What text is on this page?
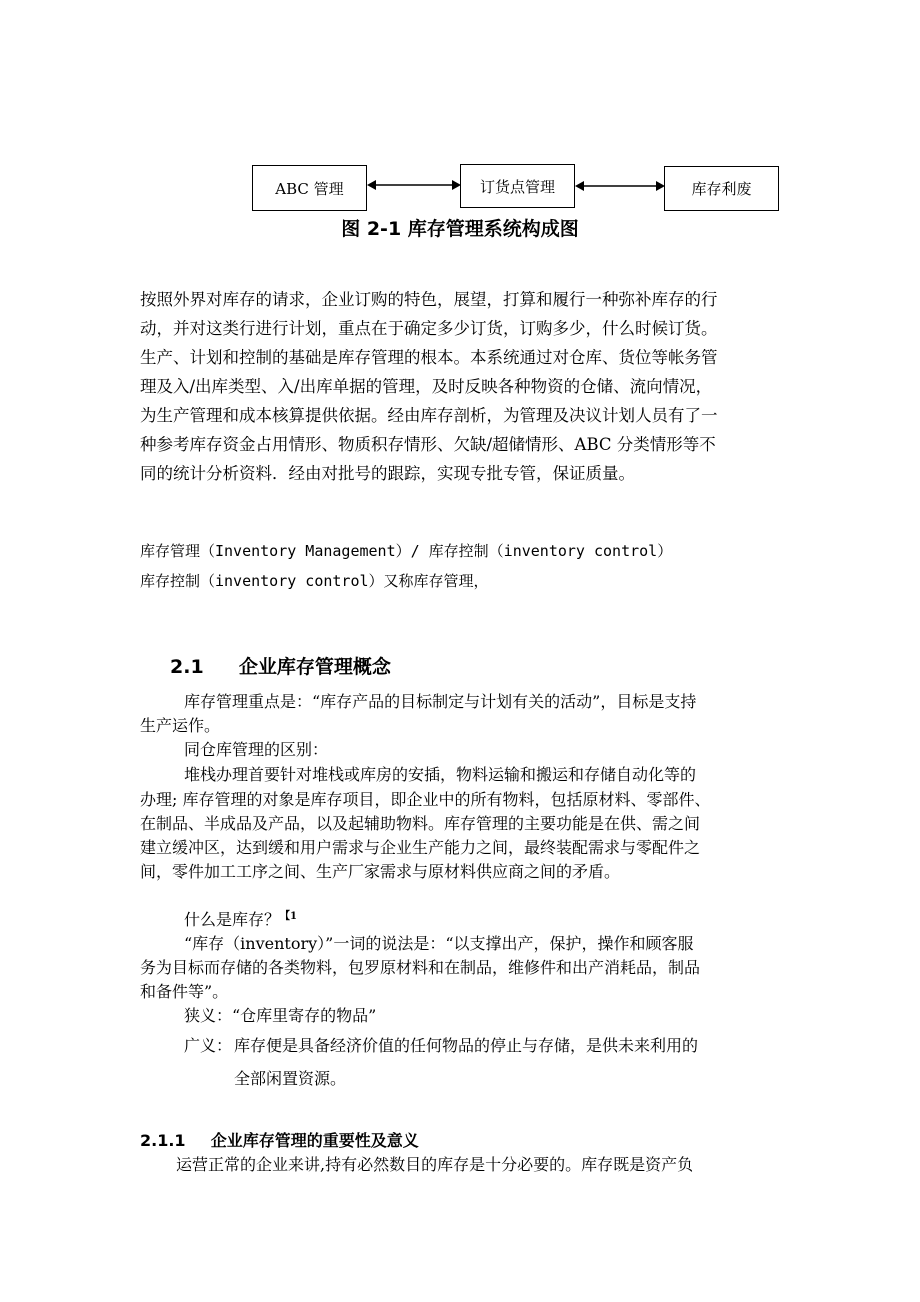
ABC 管理	订货点管理	库存利废
图 2-1 库存管理系统构成图
按照外界对库存的请求，企业订购的特色，展望，打算和履行一种弥补库存的行
动，并对这类行进行计划，重点在于确定多少订货，订购多少，什么时候订货。
生产、计划和控制的基础是库存管理的根本。本系统通过对仓库、货位等帐务管
理及入/出库类型、入/出库单据的管理，及时反映各种物资的仓储、流向情况，
为生产管理和成本核算提供依据。经由库存剖析，为管理及决议计划人员有了一
种参考库存资金占用情形、物质积存情形、欠缺/超储情形、ABC 分类情形等不
同的统计分析资料．经由对批号的跟踪，实现专批专管，保证质量。
库存管理（Inventory Management）/ 库存控制（inventory control）
库存控制（inventory control）又称库存管理，
2.1 企业库存管理概念
库存管理重点是：“库存产品的目标制定与计划有关的活动”，目标是支持
生产运作。
同仓库管理的区别：
堆栈办理首要针对堆栈或库房的安插，物料运输和搬运和存储自动化等的
办理; 库存管理的对象是库存项目，即企业中的所有物料，包括原材料、零部件、
在制品、半成品及产品，以及起辅助物料。库存管理的主要功能是在供、需之间
建立缓冲区，达到缓和用户需求与企业生产能力之间，最终装配需求与零配件之
间，零件加工工序之间、生产厂家需求与原材料供应商之间的矛盾。
什么是库存？$^{【1}$
“库存（inventory）”一词的说法是：“以支撑出产，保护，操作和顾客服
务为目标而存储的各类物料，包罗原材料和在制品，维修件和出产消耗品，制品
和备件等”。
狭义：“仓库里寄存的物品”
广义： 库存便是具备经济价值的任何物品的停止与存储，是供未来利用的
全部闲置资源。
2.1.1 企业库存管理的重要性及意义
运营正常的企业来讲,持有必然数目的库存是十分必要的。库存既是资产负
